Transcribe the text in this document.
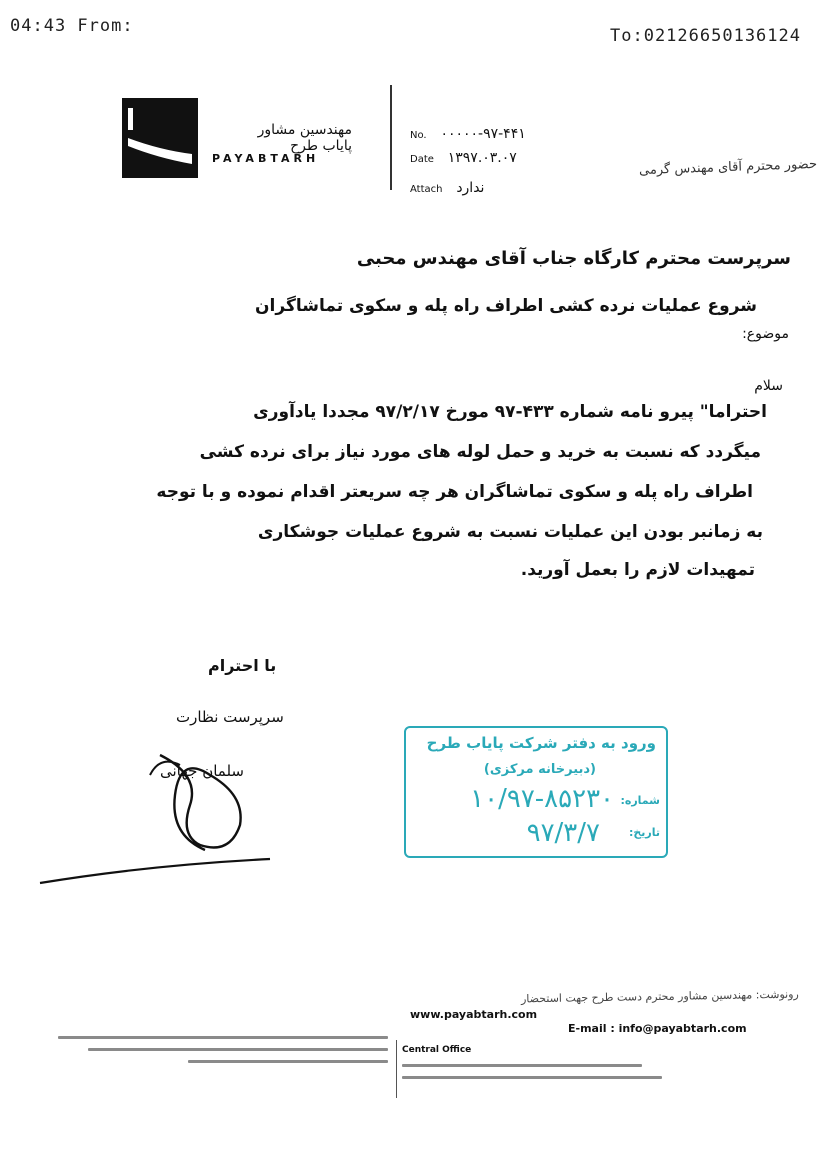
04:43 From:	To:02126650136124
مهندسین مشاور پایاب طرح
PAYABTARH
No. ۰۰۰۰۰-۹۷-۴۴۱
Date ۱۳۹۷.۰۳.۰۷
Attach ندارد
حضور محترم آقای مهندس گرمی
سرپرست محترم کارگاه جناب آقای مهندس محبی
شروع عملیات نرده کشی اطراف راه پله و سکوی تماشاگران
موضوع:
سلام
احتراما" پیرو نامه شماره ۴۳۳-۹۷ مورخ ۹۷/۲/۱۷ مجددا یادآوری
میگردد که نسبت به خرید و حمل لوله های مورد نیاز برای نرده کشی
اطراف راه پله و سکوی تماشاگران هر چه سریعتر اقدام نموده و با توجه
به زمانبر بودن این عملیات نسبت به شروع عملیات جوشکاری
تمهیدات لازم را بعمل آورید.
با احترام
سرپرست نظارت
سلمان جهانی
ورود به دفتر شرکت پایاب طرح
(دبیرخانه مرکزی)
شماره:
۱۰/۹۷-۸۵۲۳۰
تاریخ:
۹۷/۳/۷
رونوشت: مهندسین مشاور محترم دست طرح جهت استحضار
www.payabtarh.com
E-mail : info@payabtarh.com
Central Office
